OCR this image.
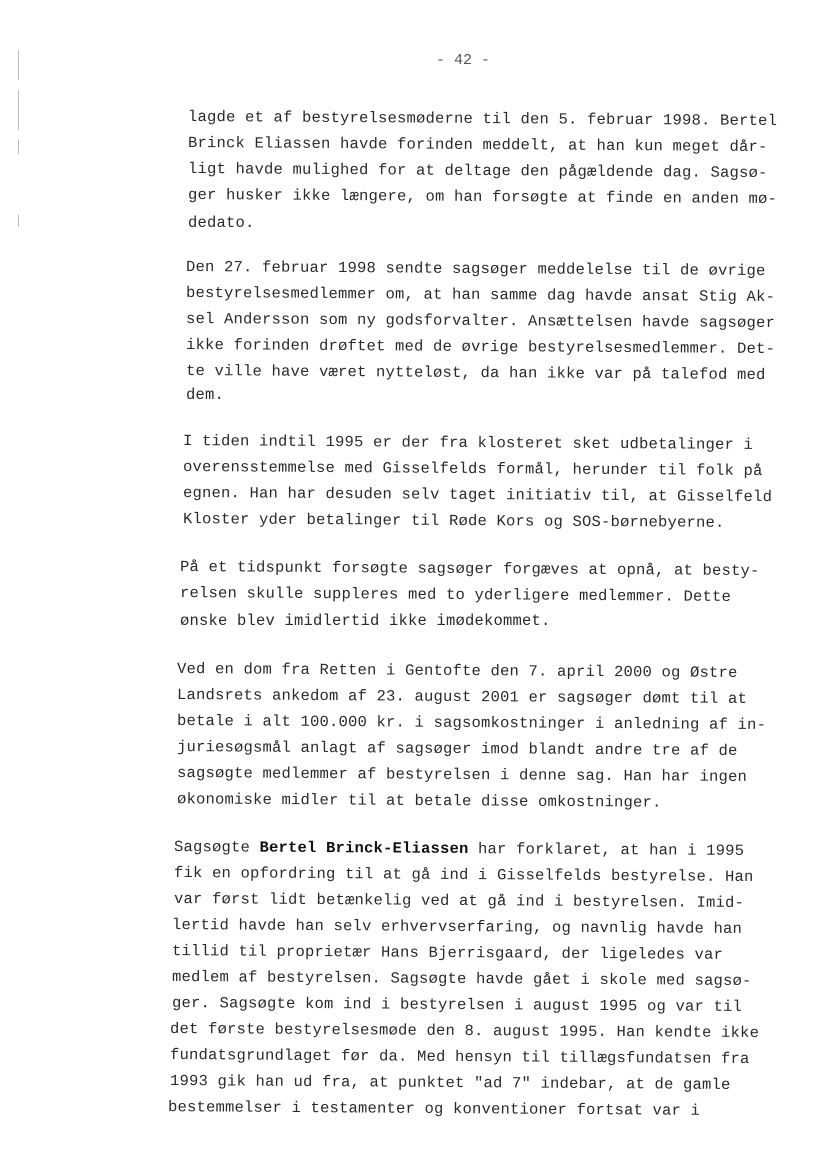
- 42 -
lagde et af bestyrelsesmøderne til den 5. februar 1998. Bertel
Brinck Eliassen havde forinden meddelt, at han kun meget dår-
ligt havde mulighed for at deltage den pågældende dag. Sagsø-
ger husker ikke længere, om han forsøgte at finde en anden mø-
dedato.
Den 27. februar 1998 sendte sagsøger meddelelse til de øvrige
bestyrelsesmedlemmer om, at han samme dag havde ansat Stig Ak-
sel Andersson som ny godsforvalter. Ansættelsen havde sagsøger
ikke forinden drøftet med de øvrige bestyrelsesmedlemmer. Det-
te ville have været nytteløst, da han ikke var på talefod med
dem.
I tiden indtil 1995 er der fra klosteret sket udbetalinger i
overensstemmelse med Gisselfelds formål, herunder til folk på
egnen. Han har desuden selv taget initiativ til, at Gisselfeld
Kloster yder betalinger til Røde Kors og SOS-børnebyerne.
På et tidspunkt forsøgte sagsøger forgæves at opnå, at besty-
relsen skulle suppleres med to yderligere medlemmer. Dette
ønske blev imidlertid ikke imødekommet.
Ved en dom fra Retten i Gentofte den 7. april 2000 og Østre
Landsrets ankedom af 23. august 2001 er sagsøger dømt til at
betale i alt 100.000 kr. i sagsomkostninger i anledning af in-
juriesøgsmål anlagt af sagsøger imod blandt andre tre af de
sagsøgte medlemmer af bestyrelsen i denne sag. Han har ingen
økonomiske midler til at betale disse omkostninger.
Sagsøgte Bertel Brinck-Eliassen har forklaret, at han i 1995
fik en opfordring til at gå ind i Gisselfelds bestyrelse. Han
var først lidt betænkelig ved at gå ind i bestyrelsen. Imid-
lertid havde han selv erhvervserfaring, og navnlig havde han
tillid til proprietær Hans Bjerrisgaard, der ligeledes var
medlem af bestyrelsen. Sagsøgte havde gået i skole med sagsø-
ger. Sagsøgte kom ind i bestyrelsen i august 1995 og var til
det første bestyrelsesmøde den 8. august 1995. Han kendte ikke
fundatsgrundlaget før da. Med hensyn til tillægsfundatsen fra
1993 gik han ud fra, at punktet "ad 7" indebar, at de gamle
bestemmelser i testamenter og konventioner fortsat var i
